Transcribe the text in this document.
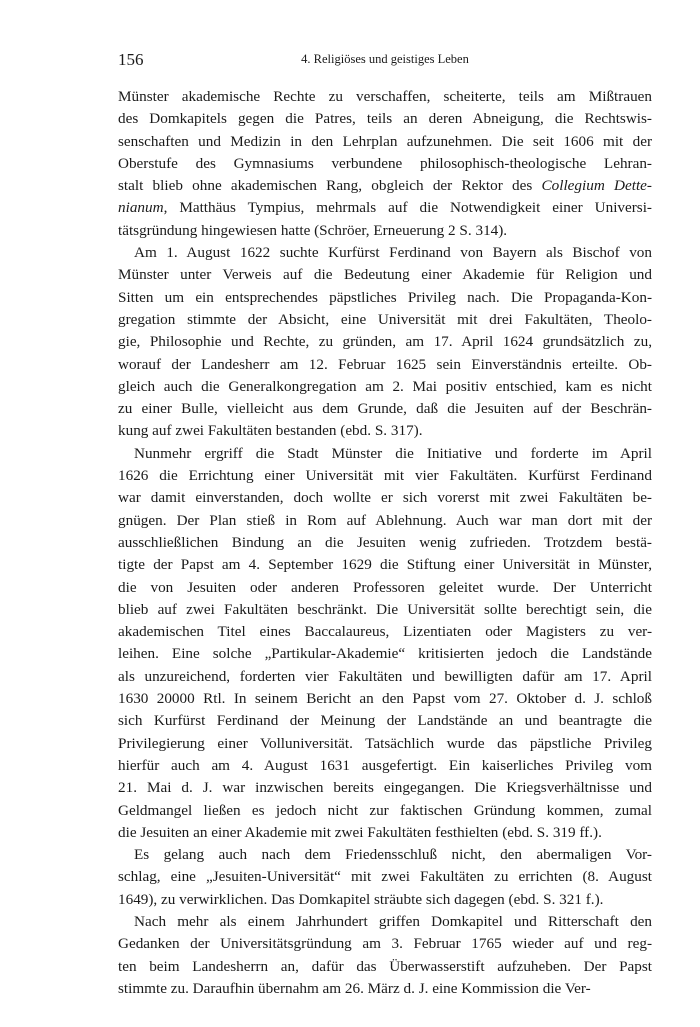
156	4. Religiöses und geistiges Leben
Münster akademische Rechte zu verschaffen, scheiterte, teils am Mißtrauen
des Domkapitels gegen die Patres, teils an deren Abneigung, die Rechtswis-
senschaften und Medizin in den Lehrplan aufzunehmen. Die seit 1606 mit der
Oberstufe des Gymnasiums verbundene philosophisch-theologische Lehran-
stalt blieb ohne akademischen Rang, obgleich der Rektor des Collegium Dette-
nianum, Matthäus Tympius, mehrmals auf die Notwendigkeit einer Universi-
tätsgründung hingewiesen hatte (Schröer, Erneuerung 2 S. 314).
Am 1. August 1622 suchte Kurfürst Ferdinand von Bayern als Bischof von
Münster unter Verweis auf die Bedeutung einer Akademie für Religion und
Sitten um ein entsprechendes päpstliches Privileg nach. Die Propaganda-Kon-
gregation stimmte der Absicht, eine Universität mit drei Fakultäten, Theolo-
gie, Philosophie und Rechte, zu gründen, am 17. April 1624 grundsätzlich zu,
worauf der Landesherr am 12. Februar 1625 sein Einverständnis erteilte. Ob-
gleich auch die Generalkongregation am 2. Mai positiv entschied, kam es nicht
zu einer Bulle, vielleicht aus dem Grunde, daß die Jesuiten auf der Beschrän-
kung auf zwei Fakultäten bestanden (ebd. S. 317).
Nunmehr ergriff die Stadt Münster die Initiative und forderte im April
1626 die Errichtung einer Universität mit vier Fakultäten. Kurfürst Ferdinand
war damit einverstanden, doch wollte er sich vorerst mit zwei Fakultäten be-
gnügen. Der Plan stieß in Rom auf Ablehnung. Auch war man dort mit der
ausschließlichen Bindung an die Jesuiten wenig zufrieden. Trotzdem bestä-
tigte der Papst am 4. September 1629 die Stiftung einer Universität in Münster,
die von Jesuiten oder anderen Professoren geleitet wurde. Der Unterricht
blieb auf zwei Fakultäten beschränkt. Die Universität sollte berechtigt sein, die
akademischen Titel eines Baccalaureus, Lizentiaten oder Magisters zu ver-
leihen. Eine solche „Partikular-Akademie“ kritisierten jedoch die Landstände
als unzureichend, forderten vier Fakultäten und bewilligten dafür am 17. April
1630 20000 Rtl. In seinem Bericht an den Papst vom 27. Oktober d. J. schloß
sich Kurfürst Ferdinand der Meinung der Landstände an und beantragte die
Privilegierung einer Volluniversität. Tatsächlich wurde das päpstliche Privileg
hierfür auch am 4. August 1631 ausgefertigt. Ein kaiserliches Privileg vom
21. Mai d. J. war inzwischen bereits eingegangen. Die Kriegsverhältnisse und
Geldmangel ließen es jedoch nicht zur faktischen Gründung kommen, zumal
die Jesuiten an einer Akademie mit zwei Fakultäten festhielten (ebd. S. 319 ff.).
Es gelang auch nach dem Friedensschluß nicht, den abermaligen Vor-
schlag, eine „Jesuiten-Universität“ mit zwei Fakultäten zu errichten (8. August
1649), zu verwirklichen. Das Domkapitel sträubte sich dagegen (ebd. S. 321 f.).
Nach mehr als einem Jahrhundert griffen Domkapitel und Ritterschaft den
Gedanken der Universitätsgründung am 3. Februar 1765 wieder auf und reg-
ten beim Landesherrn an, dafür das Überwasserstift aufzuheben. Der Papst
stimmte zu. Daraufhin übernahm am 26. März d. J. eine Kommission die Ver-
